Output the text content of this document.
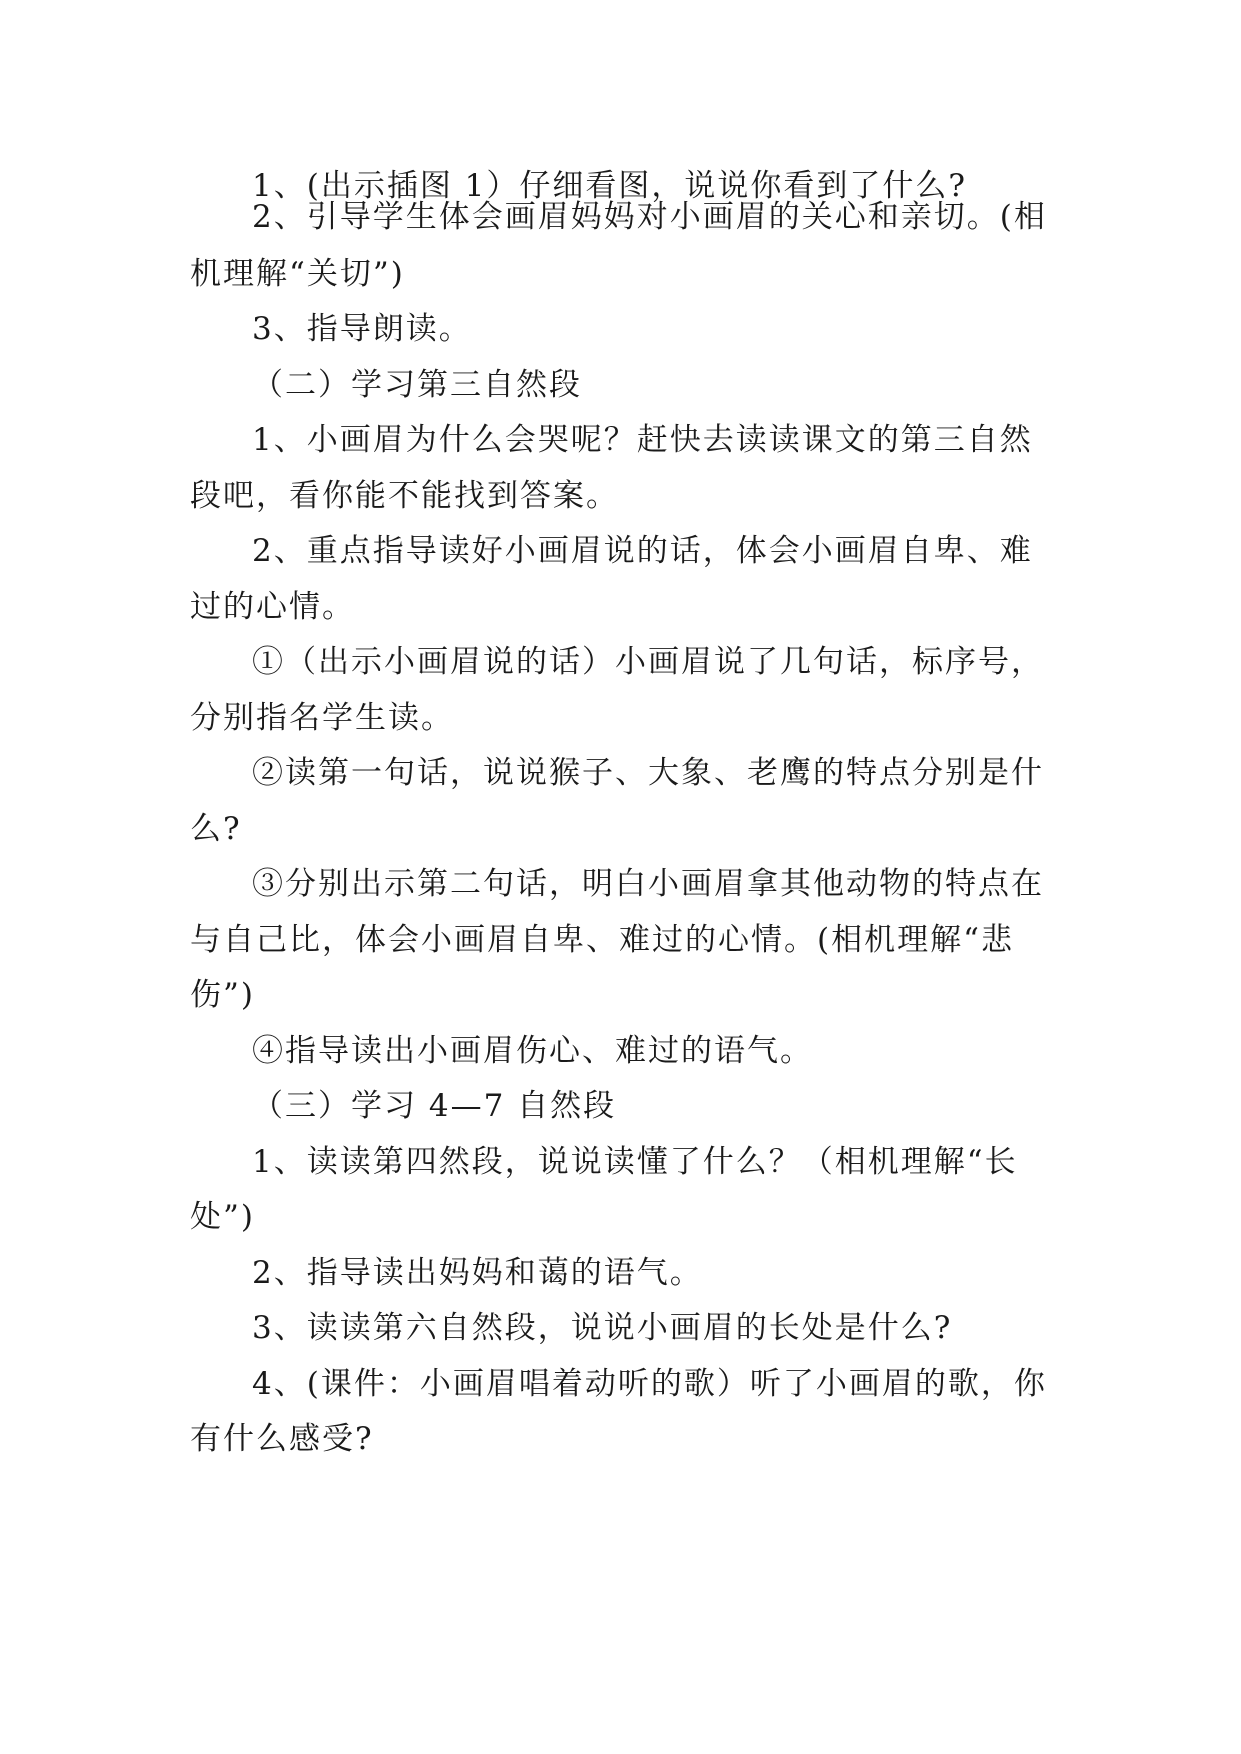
1、(出示插图 1）仔细看图，说说你看到了什么?
2、引导学生体会画眉妈妈对小画眉的关心和亲切。(相
机理解“关切”)
3、指导朗读。
（二）学习第三自然段
1、小画眉为什么会哭呢？赶快去读读课文的第三自然
段吧，看你能不能找到答案。
2、重点指导读好小画眉说的话，体会小画眉自卑、难
过的心情。
①（出示小画眉说的话）小画眉说了几句话，标序号，
分别指名学生读。
②读第一句话，说说猴子、大象、老鹰的特点分别是什
么?
③分别出示第二句话，明白小画眉拿其他动物的特点在
与自己比，体会小画眉自卑、难过的心情。(相机理解“悲
伤”)
④指导读出小画眉伤心、难过的语气。
（三）学习 4—7 自然段
1、读读第四然段，说说读懂了什么？（相机理解“长
处”)
2、指导读出妈妈和蔼的语气。
3、读读第六自然段，说说小画眉的长处是什么?
4、(课件：小画眉唱着动听的歌）听了小画眉的歌，你
有什么感受?
